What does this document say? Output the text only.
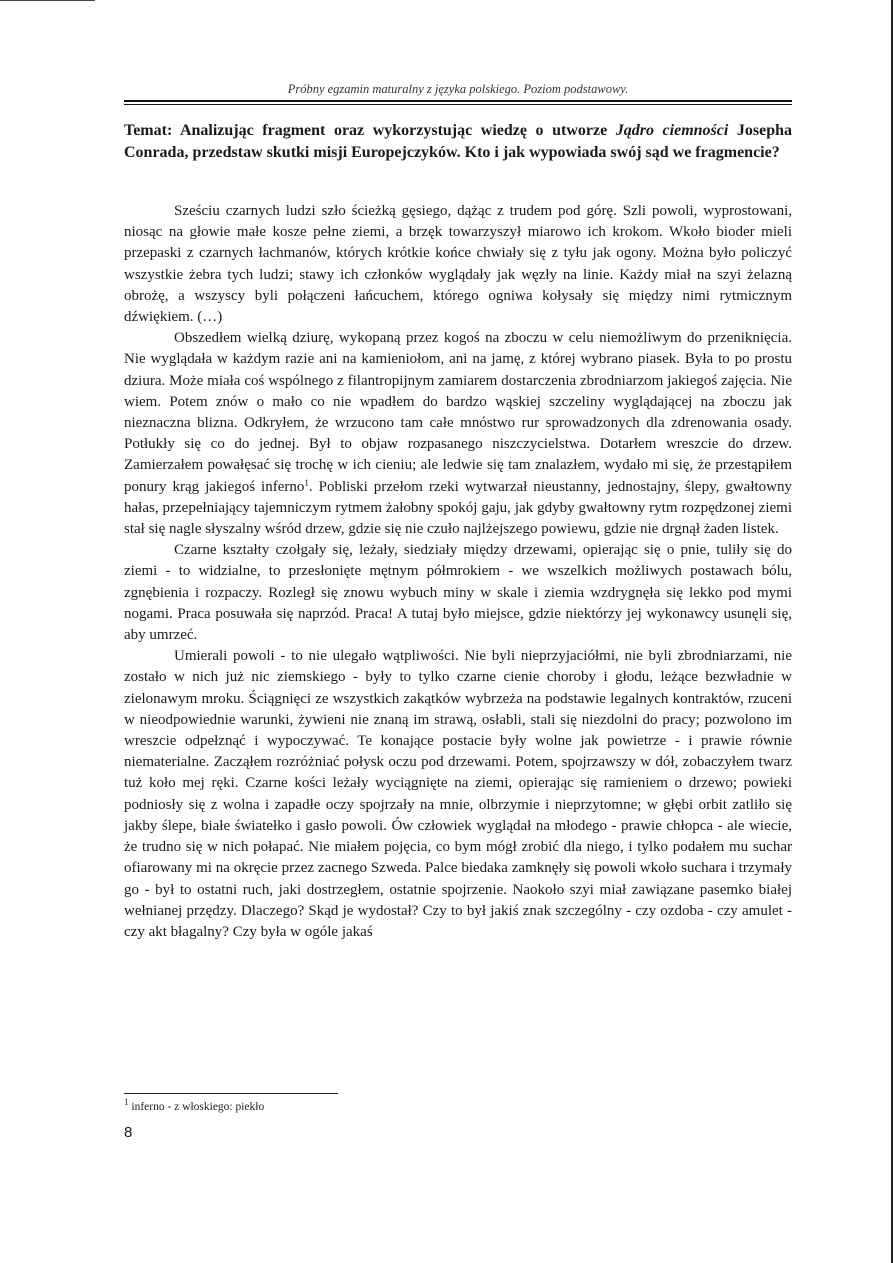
Próbny egzamin maturalny z języka polskiego. Poziom podstawowy.
Temat: Analizując fragment oraz wykorzystując wiedzę o utworze Jądro ciemności Josepha Conrada, przedstaw skutki misji Europejczyków. Kto i jak wypowiada swój sąd we fragmencie?

Sześciu czarnych ludzi szło ścieżką gęsiego, dążąc z trudem pod górę. Szli powoli, wyprostowani, niosąc na głowie małe kosze pełne ziemi, a brzęk towarzyszył miarowo ich krokom. Wkoło bioder mieli przepaski z czarnych łachmanów, których krótkie końce chwiały się z tyłu jak ogony. Można było policzyć wszystkie żebra tych ludzi; stawy ich członków wyglądały jak węzły na linie. Każdy miał na szyi żelazną obrożę, a wszyscy byli połączeni łańcuchem, którego ogniwa kołysały się między nimi rytmicznym dźwiękiem. (…)

Obszedłem wielką dziurę, wykopaną przez kogoś na zboczu w celu niemożliwym do przeniknięcia. Nie wyglądała w każdym razie ani na kamieniołom, ani na jamę, z której wybrano piasek. Była to po prostu dziura. Może miała coś wspólnego z filantropijnym zamiarem dostarczenia zbrodniarzom jakiegoś zajęcia. Nie wiem. Potem znów o mało co nie wpadłem do bardzo wąskiej szczeliny wyglądającej na zboczu jak nieznaczna blizna. Odkryłem, że wrzucono tam całe mnóstwo rur sprowadzonych dla zdrenowania osady. Potłukły się co do jednej. Był to objaw rozpasanego niszczycielstwa. Dotarłem wreszcie do drzew. Zamierzałem powałęsać się trochę w ich cieniu; ale ledwie się tam znalazłem, wydało mi się, że przestąpiłem ponury krąg jakiegoś inferno$^1$. Pobliski przełom rzeki wytwarzał nieustanny, jednostajny, ślepy, gwałtowny hałas, przepełniający tajemniczym rytmem żałobny spokój gaju, jak gdyby gwałtowny rytm rozpędzonej ziemi stał się nagle słyszalny wśród drzew, gdzie się nie czuło najlżejszego powiewu, gdzie nie drgnął żaden listek.

Czarne kształty czołgały się, leżały, siedziały między drzewami, opierając się o pnie, tuliły się do ziemi - to widzialne, to przesłonięte mętnym półmrokiem - we wszelkich możliwych postawach bólu, zgnębienia i rozpaczy. Rozległ się znowu wybuch miny w skale i ziemia wzdrygnęła się lekko pod mymi nogami. Praca posuwała się naprzód. Praca! A tutaj było miejsce, gdzie niektórzy jej wykonawcy usunęli się, aby umrzeć.

Umierali powoli - to nie ulegało wątpliwości. Nie byli nieprzyjaciółmi, nie byli zbrodniarzami, nie zostało w nich już nic ziemskiego - były to tylko czarne cienie choroby i głodu, leżące bezwładnie w zielonawym mroku. Ściągnięci ze wszystkich zakątków wybrzeża na podstawie legalnych kontraktów, rzuceni w nieodpowiednie warunki, żywieni nie znaną im strawą, osłabli, stali się niezdolni do pracy; pozwolono im wreszcie odpełznąć i wypoczywać. Te konające postacie były wolne jak powietrze - i prawie równie niematerialne. Zacząłem rozróżniać połysk oczu pod drzewami. Potem, spojrzawszy w dół, zobaczyłem twarz tuż koło mej ręki. Czarne kości leżały wyciągnięte na ziemi, opierając się ramieniem o drzewo; powieki podniosły się z wolna i zapadłe oczy spojrzały na mnie, olbrzymie i nieprzytomne; w głębi orbit zatliło się jakby ślepe, białe światełko i gasło powoli. Ów człowiek wyglądał na młodego - prawie chłopca - ale wiecie, że trudno się w nich połapać. Nie miałem pojęcia, co bym mógł zrobić dla niego, i tylko podałem mu suchar ofiarowany mi na okręcie przez zacnego Szweda. Palce biedaka zamknęły się powoli wkoło suchara i trzymały go - był to ostatni ruch, jaki dostrzegłem, ostatnie spojrzenie. Naokoło szyi miał zawiązane pasemko białej wełnianej przędzy. Dlaczego? Skąd je wydostał? Czy to był jakiś znak szczególny - czy ozdoba - czy amulet - czy akt błagalny? Czy była w ogóle jakaś

$^1$ inferno - z włoskiego: piekło
8
